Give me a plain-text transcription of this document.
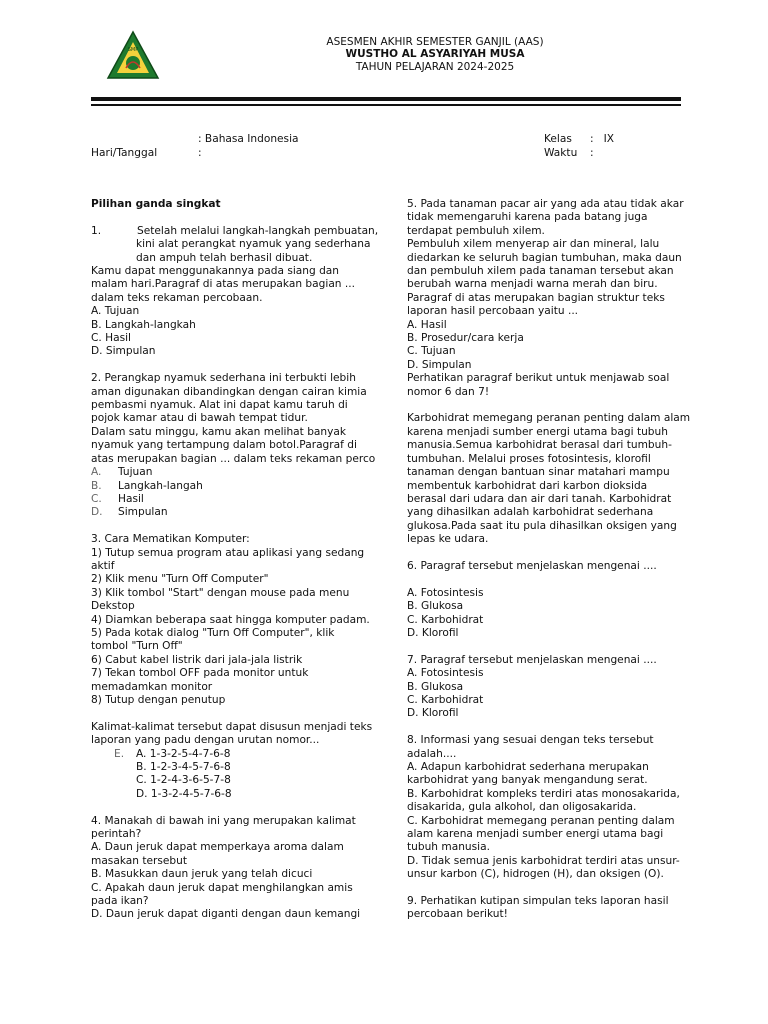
SMP
ASESMEN AKHIR SEMESTER GANJIL (AAS)
WUSTHO AL ASYARIYAH MUSA
TAHUN PELAJARAN 2024-2025
: Bahasa Indonesia
Hari/Tanggal	:
Kelas :   IX
Waktu :

Pilihan ganda singkat

1.	Setelah melalui langkah-langkah pembuatan,

kini alat perangkat nyamuk yang sederhana

dan ampuh telah berhasil dibuat.

Kamu dapat menggunakannya pada siang dan

malam hari.Paragraf di atas merupakan bagian ...

dalam teks rekaman percobaan.

A. Tujuan

B. Langkah-langkah

C. Hasil

D. Simpulan

2. Perangkap nyamuk sederhana ini terbukti lebih

aman digunakan dibandingkan dengan cairan kimia

pembasmi nyamuk. Alat ini dapat kamu taruh di

pojok kamar atau di bawah tempat tidur.

Dalam satu minggu, kamu akan melihat banyak

nyamuk yang tertampung dalam botol.Paragraf di

atas merupakan bagian ... dalam teks rekaman perco

A.	Tujuan
B.	Langkah-langah
C.	Hasil
D.	Simpulan

3. Cara Mematikan Komputer:

1) Tutup semua program atau aplikasi yang sedang

aktif

2) Klik menu "Turn Off Computer"

3) Klik tombol "Start" dengan mouse pada menu

Dekstop

4) Diamkan beberapa saat hingga komputer padam.

5) Pada kotak dialog "Turn Off Computer", klik

tombol "Turn Off"

6) Cabut kabel listrik dari jala-jala listrik

7) Tekan tombol OFF pada monitor untuk

memadamkan monitor

8) Tutup dengan penutup

Kalimat-kalimat tersebut dapat disusun menjadi teks

laporan yang padu dengan urutan nomor...

E.	A. 1-3-2-5-4-7-6-8

B. 1-2-3-4-5-7-6-8

C. 1-2-4-3-6-5-7-8

D. 1-3-2-4-5-7-6-8

4. Manakah di bawah ini yang merupakan kalimat

perintah?

A. Daun jeruk dapat memperkaya aroma dalam

masakan tersebut

B. Masukkan daun jeruk yang telah dicuci

C. Apakah daun jeruk dapat menghilangkan amis

pada ikan?

D. Daun jeruk dapat diganti dengan daun kemangi

5. Pada tanaman pacar air yang ada atau tidak akar

tidak memengaruhi karena pada batang juga

terdapat pembuluh xilem.

Pembuluh xilem menyerap air dan mineral, lalu

diedarkan ke seluruh bagian tumbuhan, maka daun

dan pembuluh xilem pada tanaman tersebut akan

berubah warna menjadi warna merah dan biru.

Paragraf di atas merupakan bagian struktur teks

laporan hasil percobaan yaitu ...

A. Hasil

B. Prosedur/cara kerja

C. Tujuan

D. Simpulan

Perhatikan paragraf berikut untuk menjawab soal

nomor 6 dan 7!

Karbohidrat memegang peranan penting dalam alam

karena menjadi sumber energi utama bagi tubuh

manusia.Semua karbohidrat berasal dari tumbuh-

tumbuhan. Melalui proses fotosintesis, klorofil

tanaman dengan bantuan sinar matahari mampu

membentuk karbohidrat dari karbon dioksida

berasal dari udara dan air dari tanah. Karbohidrat

yang dihasilkan adalah karbohidrat sederhana

glukosa.Pada saat itu pula dihasilkan oksigen yang

lepas ke udara.

6. Paragraf tersebut menjelaskan mengenai ....

A. Fotosintesis

B. Glukosa

C. Karbohidrat

D. Klorofil

7. Paragraf tersebut menjelaskan mengenai ....

A. Fotosintesis

B. Glukosa

C. Karbohidrat

D. Klorofil

8. Informasi yang sesuai dengan teks tersebut

adalah....

A. Adapun karbohidrat sederhana merupakan

karbohidrat yang banyak mengandung serat.

B. Karbohidrat kompleks terdiri atas monosakarida,

disakarida, gula alkohol, dan oligosakarida.

C. Karbohidrat memegang peranan penting dalam

alam karena menjadi sumber energi utama bagi

tubuh manusia.

D. Tidak semua jenis karbohidrat terdiri atas unsur-

unsur karbon (C), hidrogen (H), dan oksigen (O).

9. Perhatikan kutipan simpulan teks laporan hasil

percobaan berikut!
